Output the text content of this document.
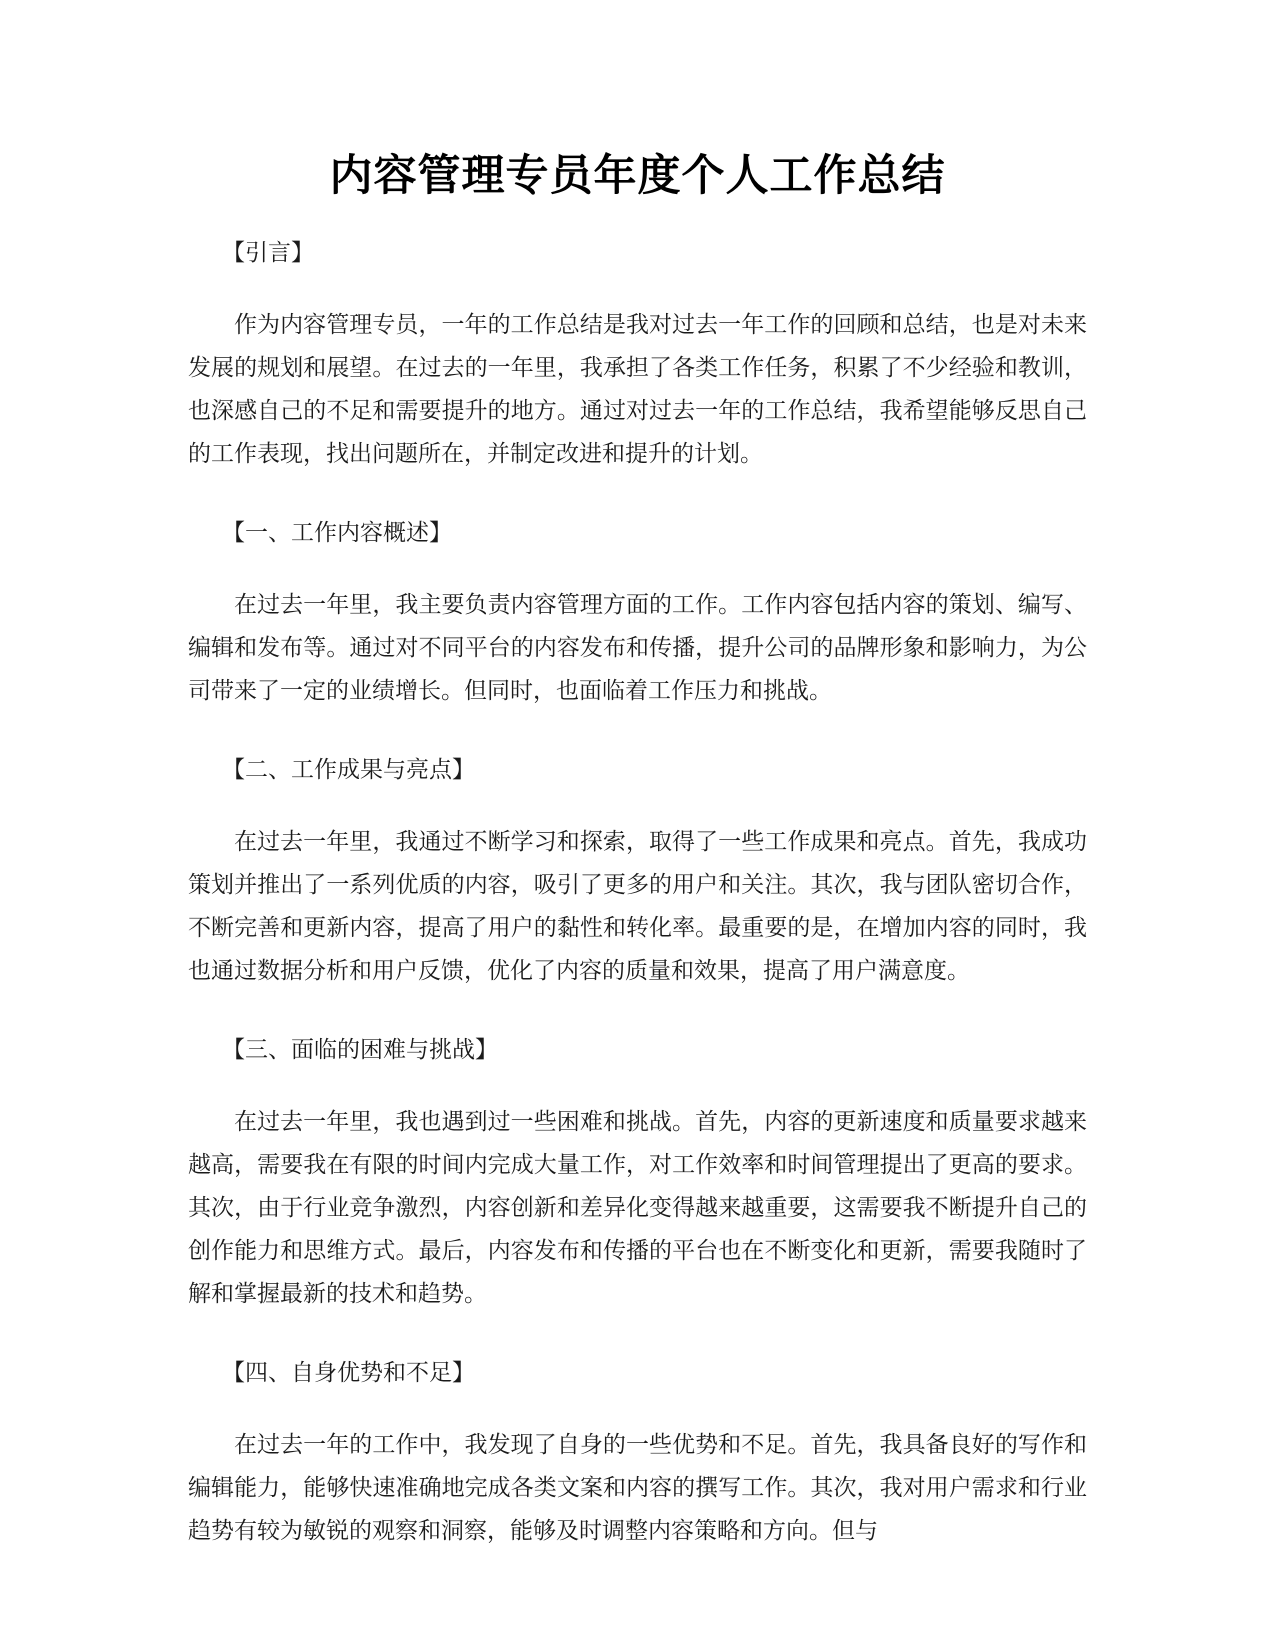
内容管理专员年度个人工作总结
【引言】

作为内容管理专员，一年的工作总结是我对过去一年工作的回顾和总结，也是对未来发展的规划和展望。在过去的一年里，我承担了各类工作任务，积累了不少经验和教训，也深感自己的不足和需要提升的地方。通过对过去一年的工作总结，我希望能够反思自己的工作表现，找出问题所在，并制定改进和提升的计划。

【一、工作内容概述】

在过去一年里，我主要负责内容管理方面的工作。工作内容包括内容的策划、编写、编辑和发布等。通过对不同平台的内容发布和传播，提升公司的品牌形象和影响力，为公司带来了一定的业绩增长。但同时，也面临着工作压力和挑战。

【二、工作成果与亮点】

在过去一年里，我通过不断学习和探索，取得了一些工作成果和亮点。首先，我成功策划并推出了一系列优质的内容，吸引了更多的用户和关注。其次，我与团队密切合作，不断完善和更新内容，提高了用户的黏性和转化率。最重要的是，在增加内容的同时，我也通过数据分析和用户反馈，优化了内容的质量和效果，提高了用户满意度。

【三、面临的困难与挑战】

在过去一年里，我也遇到过一些困难和挑战。首先，内容的更新速度和质量要求越来越高，需要我在有限的时间内完成大量工作，对工作效率和时间管理提出了更高的要求。其次，由于行业竞争激烈，内容创新和差异化变得越来越重要，这需要我不断提升自己的创作能力和思维方式。最后，内容发布和传播的平台也在不断变化和更新，需要我随时了解和掌握最新的技术和趋势。

【四、自身优势和不足】

在过去一年的工作中，我发现了自身的一些优势和不足。首先，我具备良好的写作和编辑能力，能够快速准确地完成各类文案和内容的撰写工作。其次，我对用户需求和行业趋势有较为敏锐的观察和洞察，能够及时调整内容策略和方向。但与
